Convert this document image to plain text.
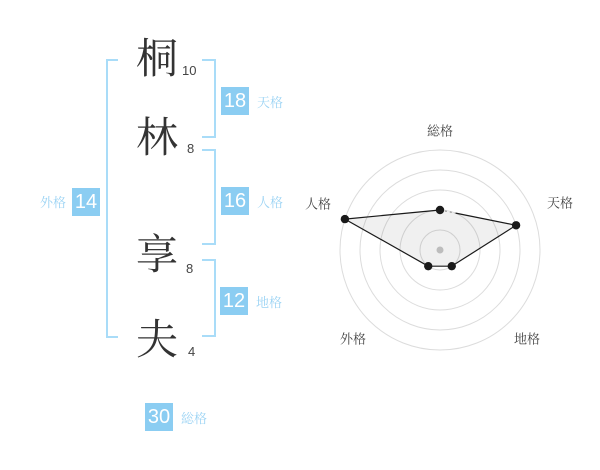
桐
林
享
夫
10
8
8
4
18 天格
16 人格
12 地格
外格 14
30 総格
総格
天格
地格
外格
人格
